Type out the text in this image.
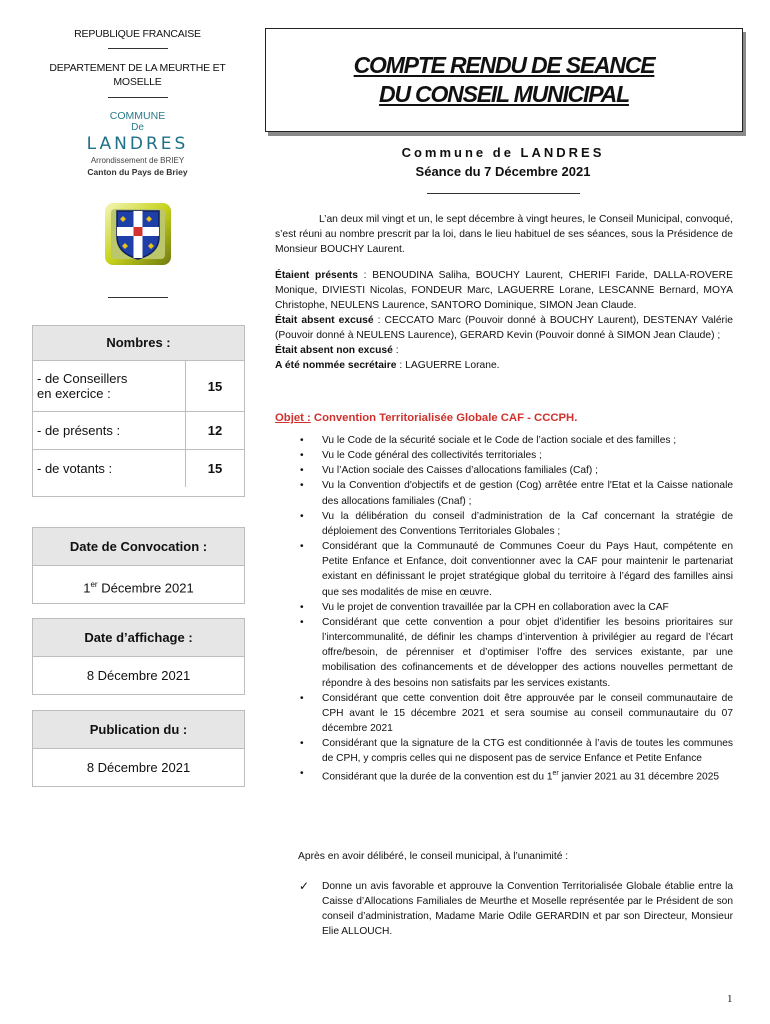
REPUBLIQUE FRANCAISE
DEPARTEMENT DE LA MEURTHE ET
MOSELLE
COMMUNE
De
LANDRES
Arrondissement de BRIEY
Canton du Pays de Briey
Nombres :
- de Conseillers
en exercice :	15
- de présents :	12
- de votants :	15
Date de Convocation :
1er Décembre 2021
Date d’affichage :
8 Décembre 2021
Publication du :
8 Décembre 2021
COMPTE RENDU DE SEANCE
DU CONSEIL MUNICIPAL
Commune de LANDRES
Séance du 7 Décembre 2021
L’an deux mil vingt et un, le sept décembre à vingt heures, le Conseil Municipal, convoqué, s’est réuni au nombre prescrit par la loi, dans le lieu habituel de ses séances, sous la Présidence de Monsieur BOUCHY Laurent.
Étaient présents : BENOUDINA Saliha, BOUCHY Laurent, CHERIFI Faride, DALLA-ROVERE Monique, DIVIESTI Nicolas, FONDEUR Marc, LAGUERRE Lorane, LESCANNE Bernard, MOYA Christophe, NEULENS Laurence, SANTORO Dominique, SIMON Jean Claude.
Était absent excusé : CECCATO Marc (Pouvoir donné à BOUCHY Laurent), DESTENAY Valérie (Pouvoir donné à NEULENS Laurence), GERARD Kevin (Pouvoir donné à SIMON Jean Claude) ;
Était absent non excusé :
A été nommée secrétaire : LAGUERRE Lorane.
Objet : Convention Territorialisée Globale CAF - CCCPH.
• Vu le Code de la sécurité sociale et le Code de l’action sociale et des familles ;
• Vu le Code général des collectivités territoriales ;
• Vu l’Action sociale des Caisses d’allocations familiales (Caf) ;
• Vu la Convention d'objectifs et de gestion (Cog) arrêtée entre l'Etat et la Caisse nationale des allocations familiales (Cnaf) ;
• Vu la délibération du conseil d’administration de la Caf concernant la stratégie de déploiement des Conventions Territoriales Globales ;
• Considérant que la Communauté de Communes Coeur du Pays Haut, compétente en Petite Enfance et Enfance, doit conventionner avec la CAF pour maintenir le partenariat existant en définissant le projet stratégique global du territoire à l’égard des familles ainsi que ses modalités de mise en œuvre.
• Vu le projet de convention travaillée par la CPH en collaboration avec la CAF
• Considérant que cette convention a pour objet d’identifier les besoins prioritaires sur l’intercommunalité, de définir les champs d’intervention à privilégier au regard de l’écart offre/besoin, de pérenniser et d’optimiser l’offre des services existante, par une mobilisation des cofinancements et de développer des actions nouvelles permettant de répondre à des besoins non satisfaits par les services existants.
• Considérant que cette convention doit être approuvée par le conseil communautaire de CPH avant le 15 décembre 2021 et sera soumise au conseil communautaire du 07 décembre 2021
• Considérant que la signature de la CTG est conditionnée à l’avis de toutes les communes de CPH, y compris celles qui ne disposent pas de service Enfance et Petite Enfance
• Considérant que la durée de la convention est du 1er janvier 2021 au 31 décembre 2025
Après en avoir délibéré, le conseil municipal, à l’unanimité :
✓	Donne un avis favorable et approuve la Convention Territorialisée Globale établie entre la Caisse d’Allocations Familiales de Meurthe et Moselle représentée par le Président de son conseil d’administration, Madame Marie Odile GERARDIN et par son Directeur, Monsieur Elie ALLOUCH.
1
